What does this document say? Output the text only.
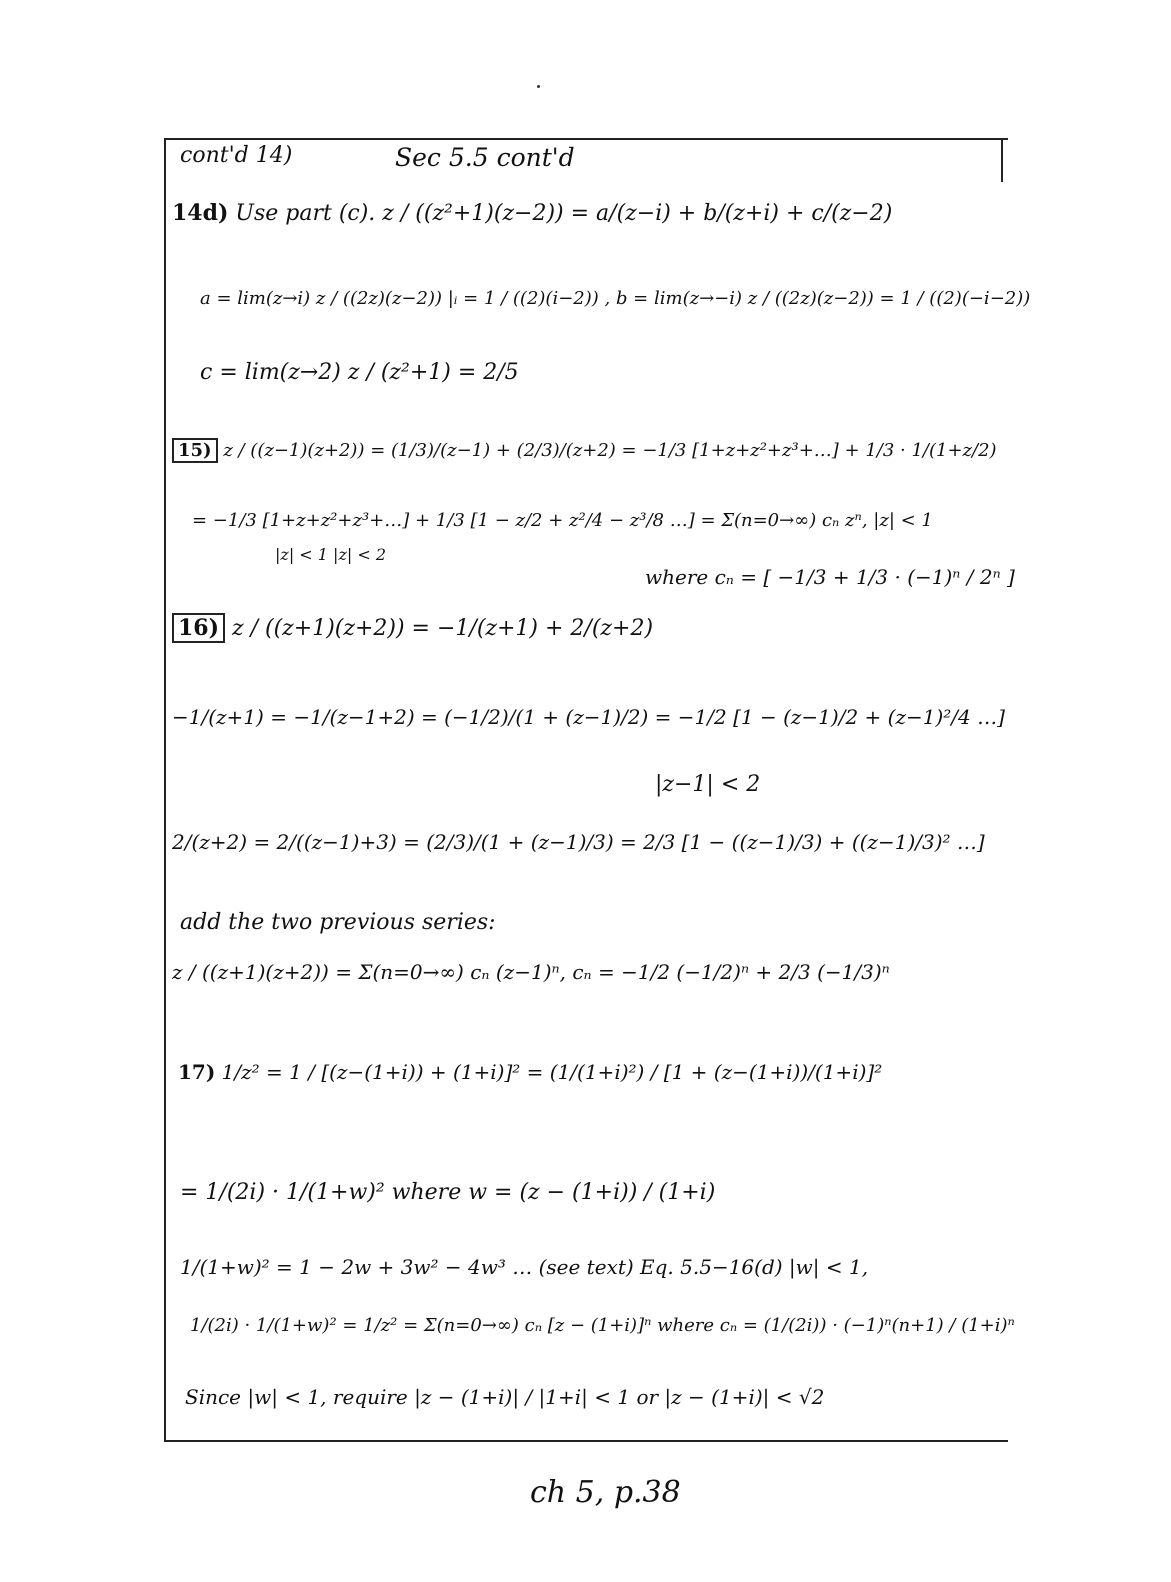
cont'd 14)	Sec 5.5 cont'd
14d) Use part (c). z / ((z²+1)(z−2)) = a/(z−i) + b/(z+i) + c/(z−2)
a = lim(z→i) z / ((2z)(z−2)) |ᵢ = 1 / ((2)(i−2)) , b = lim(z→−i) z / ((2z)(z−2)) = 1 / ((2)(−i−2))
c = lim(z→2) z / (z²+1) = 2/5
15) z / ((z−1)(z+2)) = (1/3)/(z−1) + (2/3)/(z+2) = −1/3 [1+z+z²+z³+…] + 1/3 · 1/(1+z/2)
= −1/3 [1+z+z²+z³+…] + 1/3 [1 − z/2 + z²/4 − z³/8 …] = Σ(n=0→∞) cₙ zⁿ, |z| < 1
|z| < 1 |z| < 2
where cₙ = [ −1/3 + 1/3 · (−1)ⁿ / 2ⁿ ]
16) z / ((z+1)(z+2)) = −1/(z+1) + 2/(z+2)
−1/(z+1) = −1/(z−1+2) = (−1/2)/(1 + (z−1)/2) = −1/2 [1 − (z−1)/2 + (z−1)²/4 …]
|z−1| < 2
2/(z+2) = 2/((z−1)+3) = (2/3)/(1 + (z−1)/3) = 2/3 [1 − ((z−1)/3) + ((z−1)/3)² …]
add the two previous series:
z / ((z+1)(z+2)) = Σ(n=0→∞) cₙ (z−1)ⁿ, cₙ = −1/2 (−1/2)ⁿ + 2/3 (−1/3)ⁿ
17) 1/z² = 1 / [(z−(1+i)) + (1+i)]² = (1/(1+i)²) / [1 + (z−(1+i))/(1+i)]²
= 1/(2i) · 1/(1+w)² where w = (z − (1+i)) / (1+i)
1/(1+w)² = 1 − 2w + 3w² − 4w³ … (see text) Eq. 5.5−16(d) |w| < 1,
1/(2i) · 1/(1+w)² = 1/z² = Σ(n=0→∞) cₙ [z − (1+i)]ⁿ where cₙ = (1/(2i)) · (−1)ⁿ(n+1) / (1+i)ⁿ
Since |w| < 1, require |z − (1+i)| / |1+i| < 1 or |z − (1+i)| < √2
ch 5, p.38
